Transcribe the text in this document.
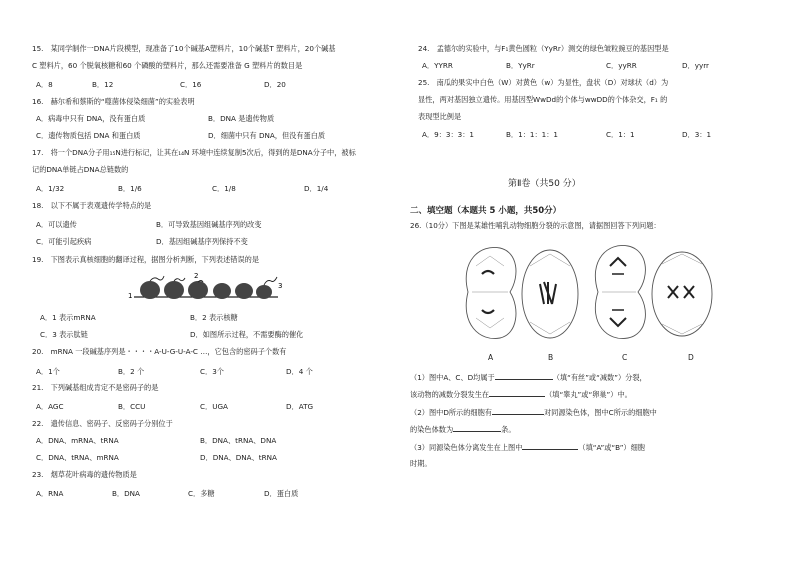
15.　某同学制作一DNA片段模型，现准备了10个碱基A塑料片，10个碱基T 塑料片，20个碱基
C 塑料片，60 个脱氧核糖和60 个磷酸的塑料片，那么还需要准备 G 塑料片的数目是
A．8	B．12	C．16	D．20
16.　赫尔希和蔡斯的“噬菌体侵染细菌”的实验表明
A．病毒中只有 DNA，没有蛋白质	B．DNA 是遗传物质
C．遗传物质包括 DNA 和蛋白质	D．细菌中只有 DNA，但没有蛋白质
17.　将一个DNA分子用₁₅N进行标记，让其在₁₄N 环境中连续复制5次后，得到的是DNA分子中，被标
记的DNA单链占DNA总链数的
A．1/32	B．1/6	C．1/8	D．1/4
18.　以下不属于表观遗传学特点的是
A．可以遗传	B．可导致基因组碱基序列的改变
C．可能引起疾病	D．基因组碱基序列保持不变
19.　下图表示真核细胞的翻译过程，据图分析判断，下列表述错误的是
1
2
3
A．1 表示mRNA	B．2 表示核糖
C．3 表示肽链	D．如图所示过程，不需要酶的催化
20.　mRNA 一段碱基序列是・・・・A-U-G-U-A-C …，它包含的密码子个数有
A．1个	B．2 个	C．3个	D．4 个
21.　下列碱基组成肯定不是密码子的是
A．AGC	B．CCU	C．UGA	D．ATG
22.　遗传信息、密码子、反密码子分别位于
A．DNA、mRNA、tRNA	B．DNA、tRNA、DNA
C．DNA、tRNA、mRNA	D．DNA、DNA、tRNA
23.　烟草花叶病毒的遗传物质是
A．RNA	B．DNA	C．多糖	D．蛋白质
24.　孟德尔的实验中，与F₁黄色圆粒（YyRr）测交的绿色皱粒豌豆的基因型是
A．YYRR	B．YyRr	C．yyRR	D．yyrr
25.　南瓜的果实中白色（W）对黄色（w）为显性，盘状（D）对球状（d）为
显性，两对基因独立遗传。用基因型WwDd的个体与wwDD的个体杂交，F₁ 的
表现型比例是
A．9：3：3：1	B．1：1：1：1	C．1：1	D．3：1
第Ⅱ卷（共50 分）
二、填空题（本题共 5 小题，共50分）
26.（10分）下图是某雄性哺乳动物细胞分裂的示意图，请据图回答下列问题：
A	B	C	D
（1）图中A、C、D均属于	（填“有丝”或“减数”）分裂，
该动物的减数分裂发生在	（填“睾丸”或“卵巢”）中。
（2）图中D所示的细胞有	对同源染色体，图中C所示的细胞中
的染色体数为	条。
（3）同源染色体分离发生在上图中	（填“A”或“B”）细胞
时期。
